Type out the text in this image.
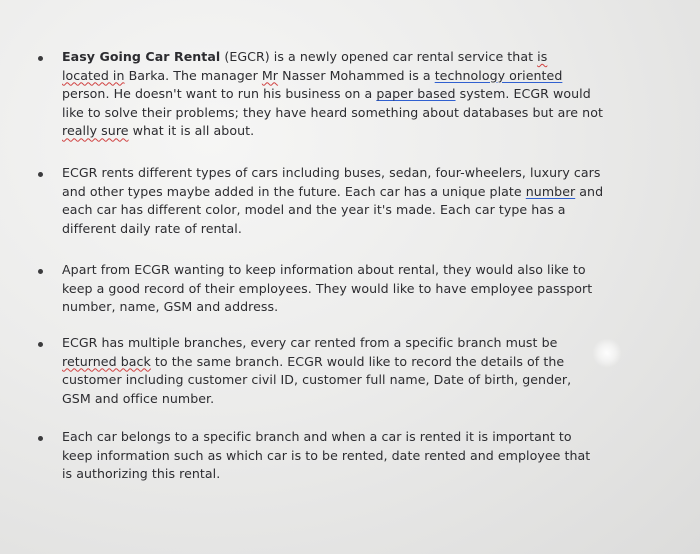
Easy Going Car Rental (EGCR) is a newly opened car rental service that is
located in Barka. The manager Mr Nasser Mohammed is a technology oriented
person. He doesn't want to run his business on a paper based system. ECGR would
like to solve their problems; they have heard something about databases but are not
really sure what it is all about.
ECGR rents different types of cars including buses, sedan, four-wheelers, luxury cars
and other types maybe added in the future. Each car has a unique plate number and
each car has different color, model and the year it's made. Each car type has a
different daily rate of rental.
Apart from ECGR wanting to keep information about rental, they would also like to
keep a good record of their employees. They would like to have employee passport
number, name, GSM and address.
ECGR has multiple branches, every car rented from a specific branch must be
returned back to the same branch. ECGR would like to record the details of the
customer including customer civil ID, customer full name, Date of birth, gender,
GSM and office number.
Each car belongs to a specific branch and when a car is rented it is important to
keep information such as which car is to be rented, date rented and employee that
is authorizing this rental.
